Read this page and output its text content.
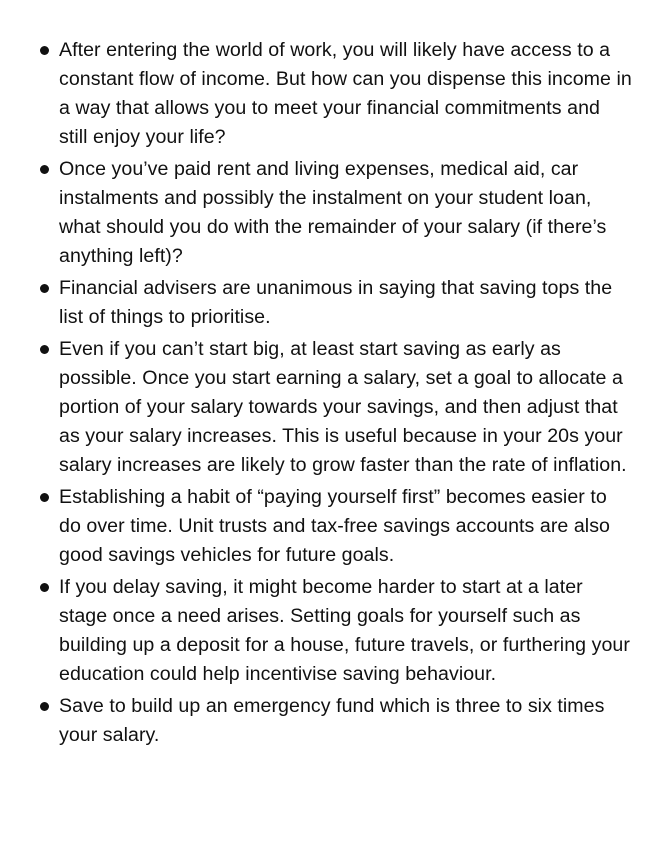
After entering the world of work, you will likely have access to a constant flow of income. But how can you dispense this income in a way that allows you to meet your financial commitments and still enjoy your life?
Once you’ve paid rent and living expenses, medical aid, car instalments and possibly the instalment on your student loan, what should you do with the remainder of your salary (if there’s anything left)?
Financial advisers are unanimous in saying that saving tops the list of things to prioritise.
Even if you can’t start big, at least start saving as early as possible. Once you start earning a salary, set a goal to allocate a portion of your salary towards your savings, and then adjust that as your salary increases. This is useful because in your 20s your salary increases are likely to grow faster than the rate of inflation.
Establishing a habit of “paying yourself first” becomes easier to do over time. Unit trusts and tax-free savings accounts are also good savings vehicles for future goals.
If you delay saving, it might become harder to start at a later stage once a need arises. Setting goals for yourself such as building up a deposit for a house, future travels, or furthering your education could help incentivise saving behaviour.
Save to build up an emergency fund which is three to six times your salary.
